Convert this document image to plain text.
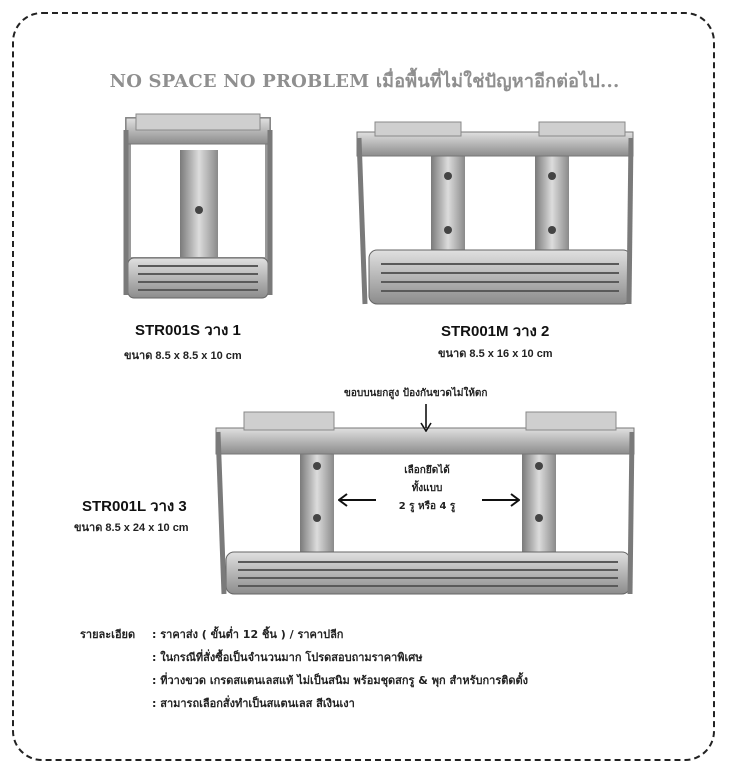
NO SPACE NO PROBLEM เมื่อพื้นที่ไม่ใช่ปัญหาอีกต่อไป...
STR001S วาง 1
ขนาด 8.5 x 8.5 x 10 cm
STR001M วาง 2
ขนาด 8.5 x 16 x 10 cm
STR001L วาง 3
ขนาด 8.5 x 24 x 10 cm
ขอบบนยกสูง ป้องกันขวดไม่ให้ตก
เลือกยึดได้
ทั้งแบบ
2 รู หรือ 4 รู
รายละเอียด : ราคาส่ง ( ขั้นต่ำ 12 ชิ้น ) / ราคาปลีก
: ในกรณีที่สั่งซื้อเป็นจำนวนมาก โปรดสอบถามราคาพิเศษ
: ที่วางขวด เกรดสแตนเลสแท้ ไม่เป็นสนิม พร้อมชุดสกรู & พุก สำหรับการติดตั้ง
: สามารถเลือกสั่งทำเป็นสแตนเลส สีเงินเงา
